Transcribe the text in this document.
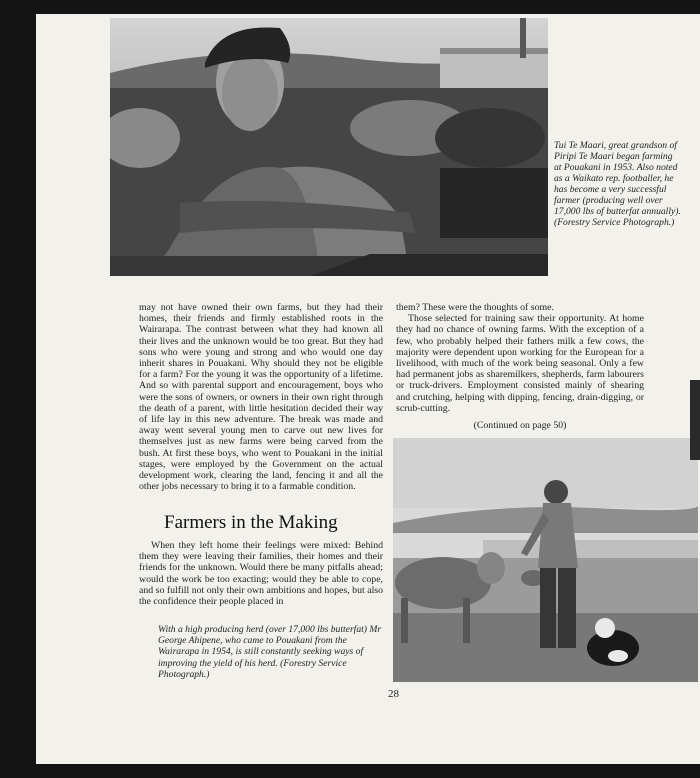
Tui Te Maari, great grandson of Piripi Te Maari began farming at Pouakani in 1953. Also noted as a Waikato rep. footballer, he has become a very successful farmer (producing well over 17,000 lbs of butterfat annually). (Forestry Service Photograph.)

may not have owned their own farms, but they had their homes, their friends and firmly established roots in the Wairarapa. The contrast between what they had known all their lives and the unknown would be too great. But they had sons who were young and strong and who would one day inherit shares in Pouakani. Why should they not be eligible for a farm? For the young it was the opportunity of a lifetime. And so with parental support and encouragement, boys who were the sons of owners, or owners in their own right through the death of a parent, with little hesitation decided their way of life lay in this new adventure. The break was made and away went several young men to carve out new lives for themselves just as new farms were being carved from the bush. At first these boys, who went to Pouakani in the initial stages, were employed by the Government on the actual development work, clearing the land, fencing it and all the other jobs necessary to bring it to a farmable condition.

Farmers in the Making

When they left home their feelings were mixed: Behind them they were leaving their families, their homes and their friends for the unknown. Would there be many pitfalls ahead; would the work be too exacting; would they be able to cope, and so fulfill not only their own ambitions and hopes, but also the confidence their people placed in

them? These were the thoughts of some.

Those selected for training saw their opportunity. At home they had no chance of owning farms. With the exception of a few, who probably helped their fathers milk a few cows, the majority were dependent upon working for the European for a livelihood, with much of the work being seasonal. Only a few had permanent jobs as sharemilkers, shepherds, farm labourers or truck-drivers. Employment consisted mainly of shearing and crutching, helping with dipping, fencing, drain-digging, or scrub-cutting.

(Continued on page 50)

With a high producing herd (over 17,000 lbs butterfat) Mr George Ahipene, who came to Pouakani from the Wairarapa in 1954, is still constantly seeking ways of improving the yield of his herd. (Forestry Service Photograph.)
28
